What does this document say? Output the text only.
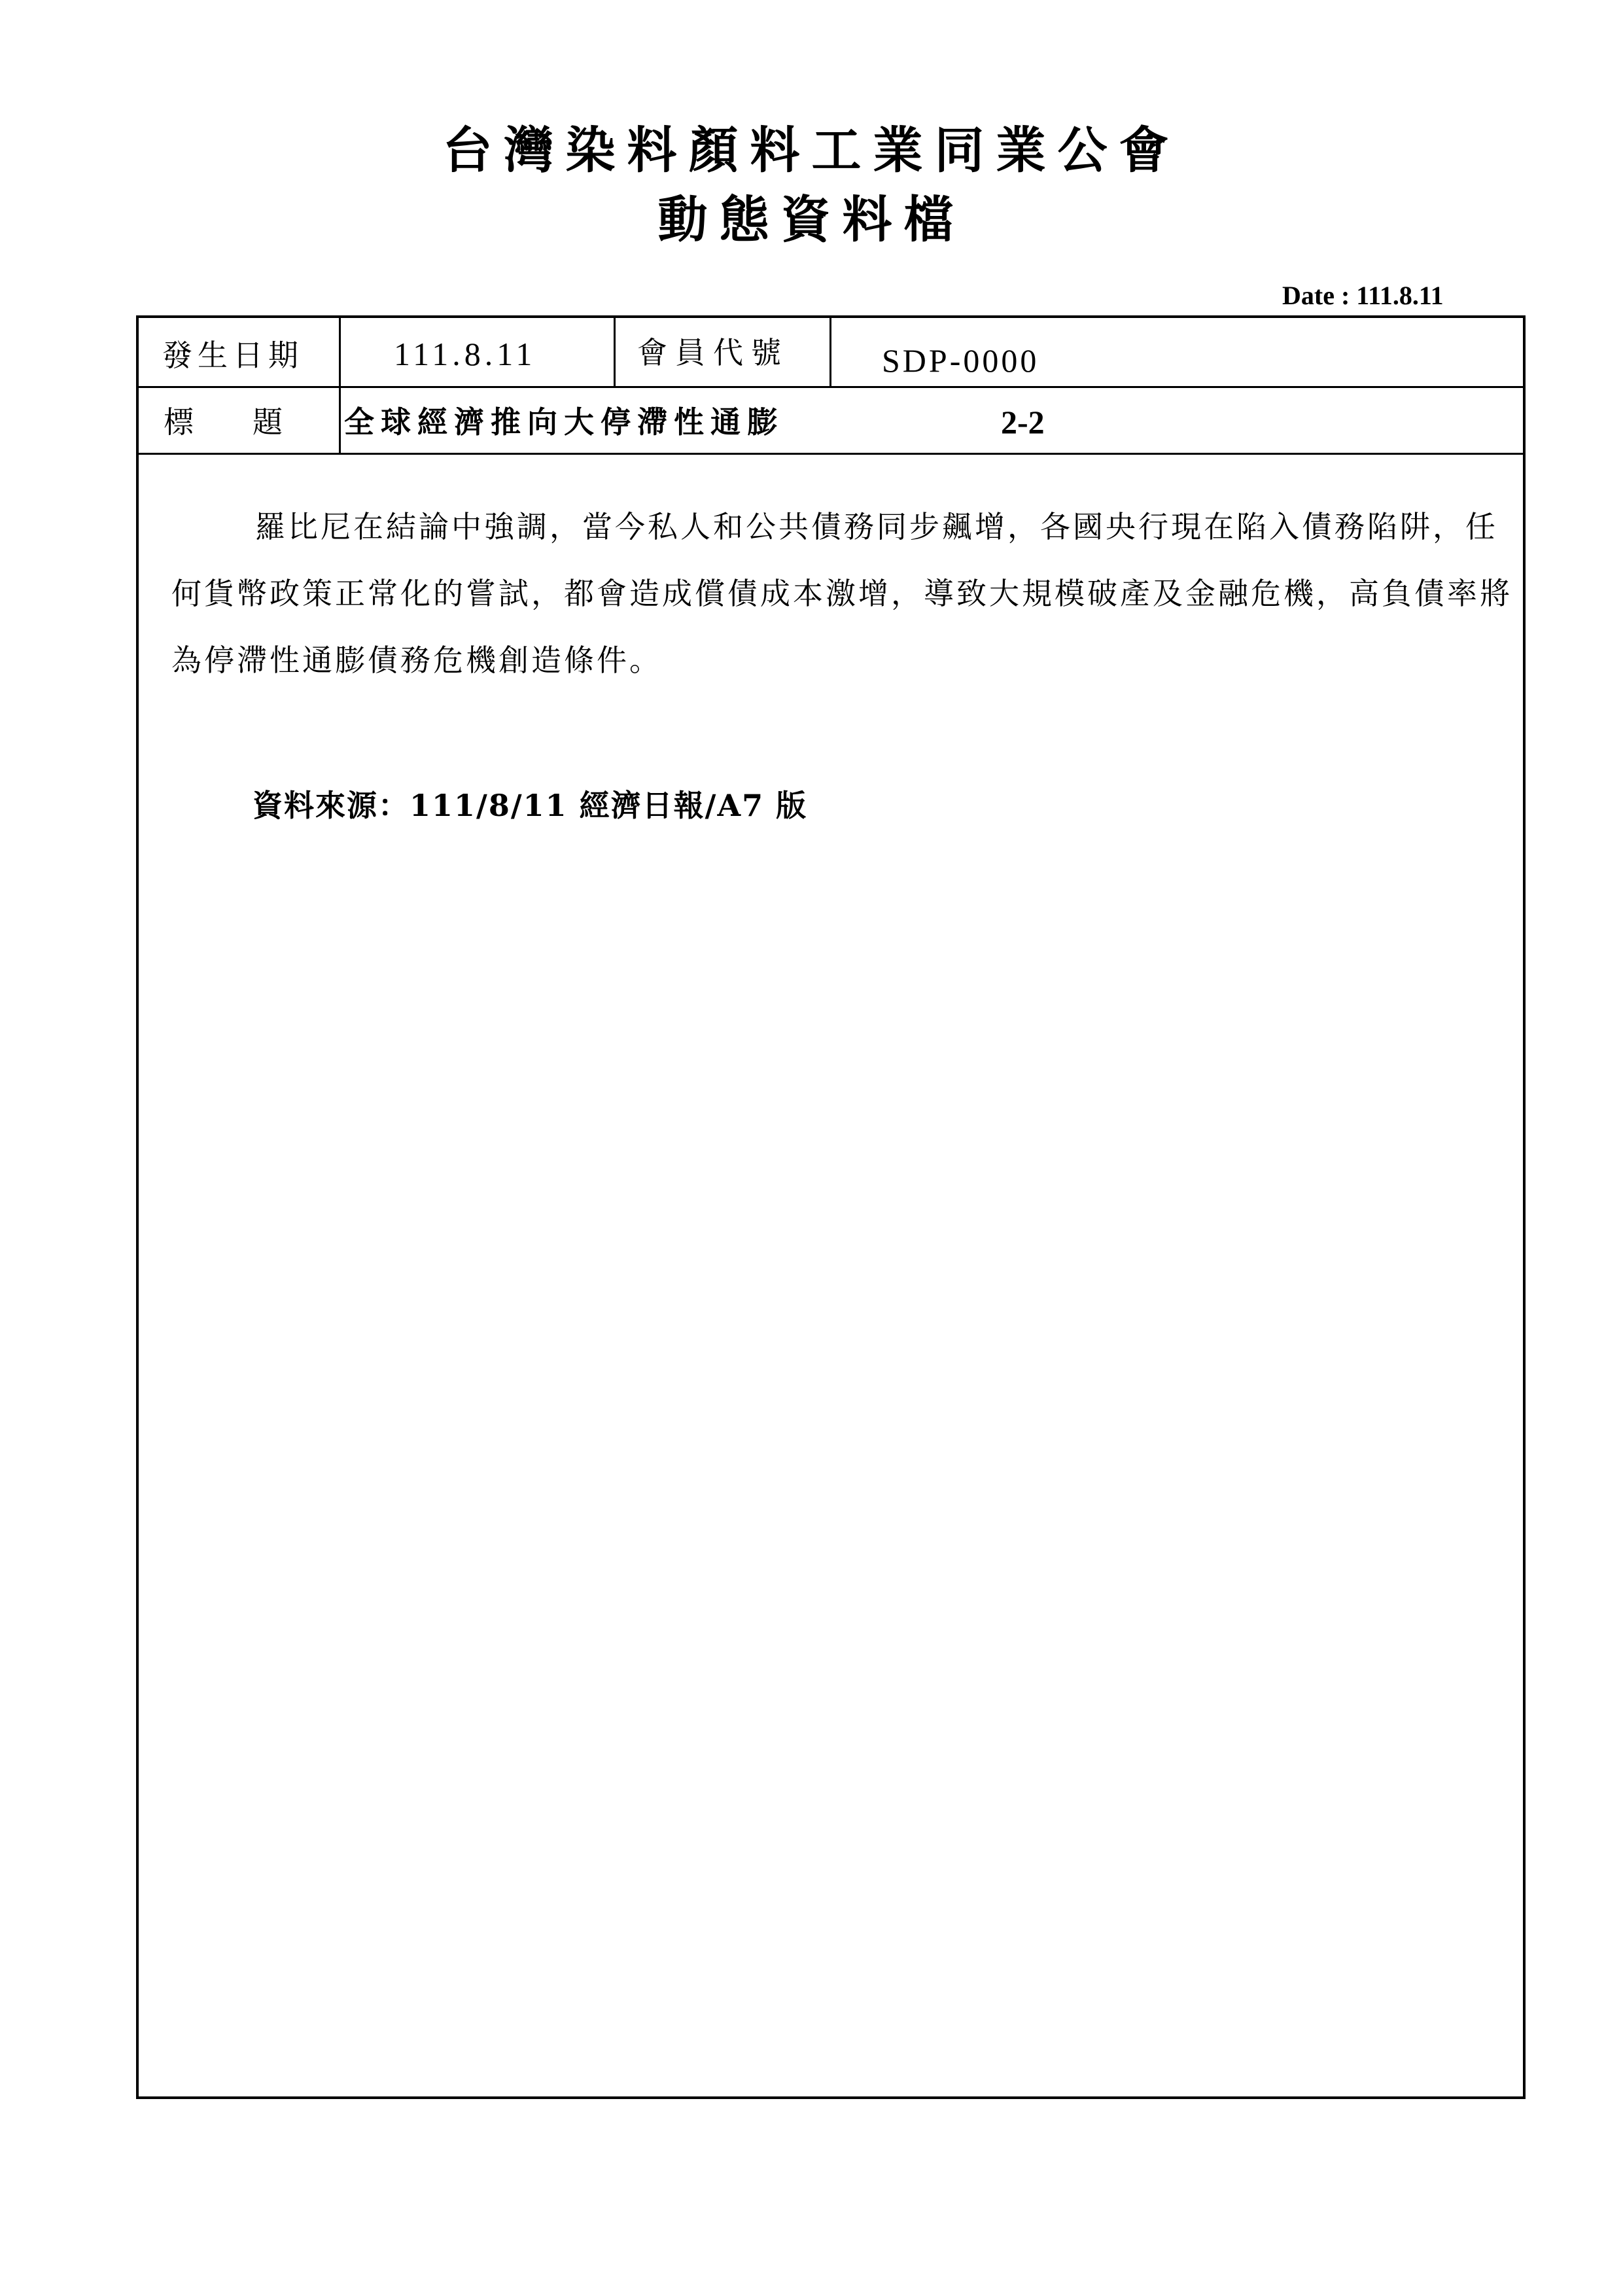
台灣染料顏料工業同業公會
動態資料檔
Date : 111.8.11
發生日期	111.8.11	會員代號	SDP-0000
標 題 全球經濟推向大停滯性通膨	2-2

羅比尼在結論中強調，當今私人和公共債務同步飆增，各國央行現在陷入債務陷阱，任何貨幣政策正常化的嘗試，都會造成償債成本激增，導致大規模破產及金融危機，高負債率將為停滯性通膨債務危機創造條件。

資料來源：111/8/11 經濟日報/A7 版
